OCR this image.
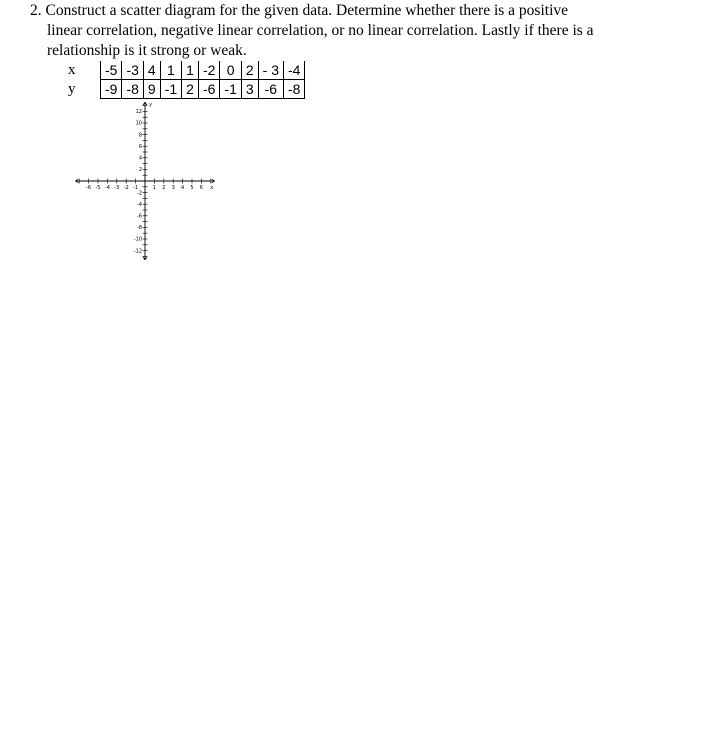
2. Construct a scatter diagram for the given data. Determine whether there is a positive
linear correlation, negative linear correlation, or no linear correlation. Lastly if there is a
relationship is it strong or weak.
x	-5	-3	4	1	1	-2	0	2	- 3	-4
y	-9	-8	9	-1	2	-6	-1	3	-6	-8
-6 -5 -4 -3 -2 -1	1 2 3 4 5 6 x
12
10
8
6
4
2
-2
-4
-6
-8
-10
-12
y
